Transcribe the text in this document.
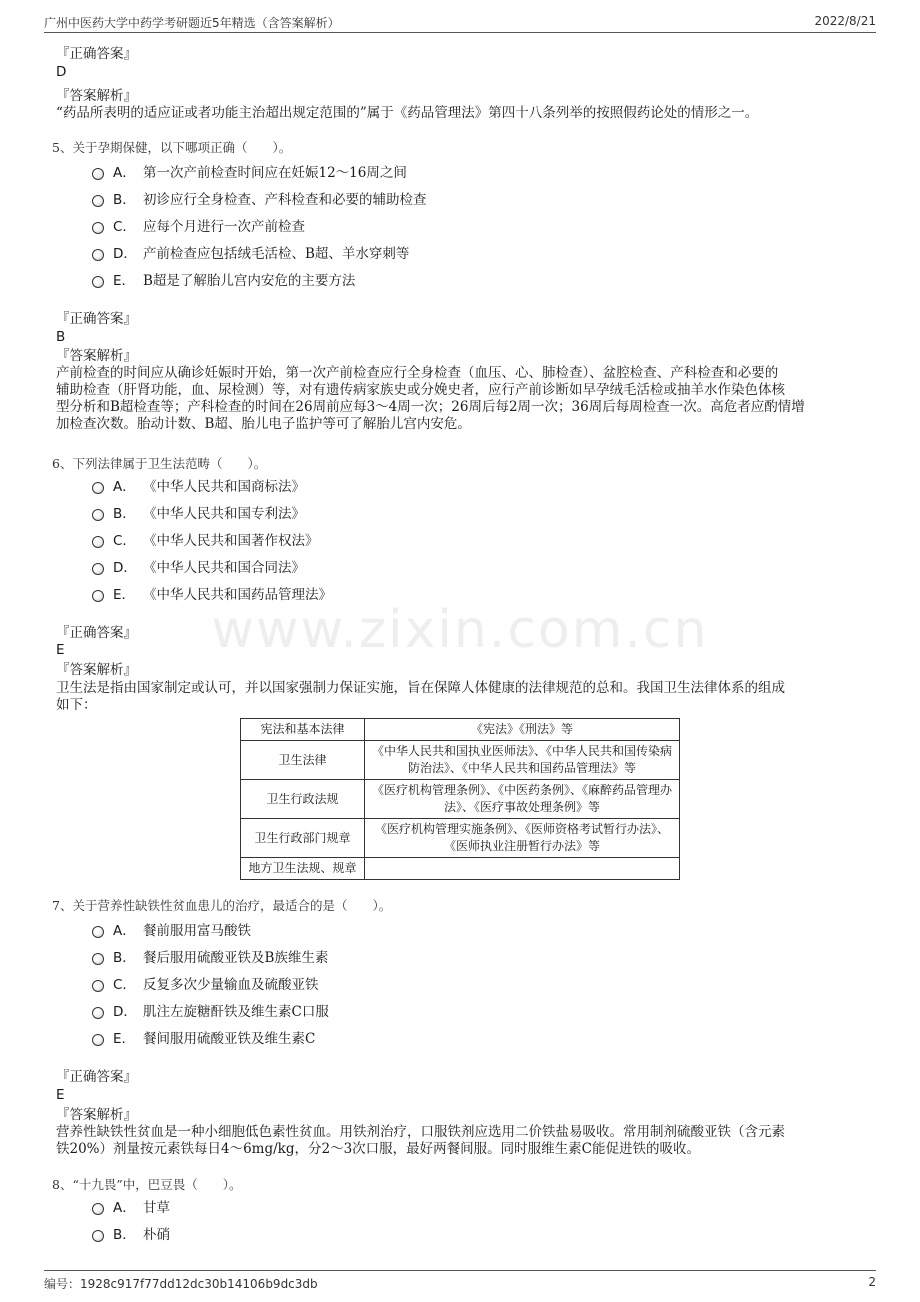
广州中医药大学中药学考研题近5年精选（含答案解析）	2022/8/21
www.zixin.com.cn
『正确答案』
D
『答案解析』
“药品所表明的适应证或者功能主治超出规定范围的”属于《药品管理法》第四十八条列举的按照假药论处的情形之一。
5、关于孕期保健，以下哪项正确（　　）。
A． 第一次产前检查时间应在妊娠12～16周之间
B． 初诊应行全身检查、产科检查和必要的辅助检查
C． 应每个月进行一次产前检查
D． 产前检查应包括绒毛活检、B超、羊水穿刺等
E． B超是了解胎儿宫内安危的主要方法
『正确答案』
B
『答案解析』
产前检查的时间应从确诊妊娠时开始，第一次产前检查应行全身检查（血压、心、肺检查）、盆腔检查、产科检查和必要的
辅助检查（肝肾功能，血、尿检测）等，对有遗传病家族史或分娩史者，应行产前诊断如早孕绒毛活检或抽羊水作染色体核
型分析和B超检查等；产科检查的时间在26周前应每3～4周一次；26周后每2周一次；36周后每周检查一次。高危者应酌情增
加检查次数。胎动计数、B超、胎儿电子监护等可了解胎儿宫内安危。
6、下列法律属于卫生法范畴（　　）。
A． 《中华人民共和国商标法》
B． 《中华人民共和国专利法》
C． 《中华人民共和国著作权法》
D． 《中华人民共和国合同法》
E． 《中华人民共和国药品管理法》
『正确答案』
E
『答案解析』
卫生法是指由国家制定或认可，并以国家强制力保证实施，旨在保障人体健康的法律规范的总和。我国卫生法律体系的组成
如下：
宪法和基本法律	《宪法》《刑法》等
卫生法律	《中华人民共和国执业医师法》、《中华人民共和国传染病防治法》、《中华人民共和国药品管理法》等
卫生行政法规	《医疗机构管理条例》、《中医药条例》、《麻醉药品管理办法》、《医疗事故处理条例》等
卫生行政部门规章	《医疗机构管理实施条例》、《医师资格考试暂行办法》、《医师执业注册暂行办法》等
地方卫生法规、规章	
7、关于营养性缺铁性贫血患儿的治疗，最适合的是（　　）。
A． 餐前服用富马酸铁
B． 餐后服用硫酸亚铁及B族维生素
C． 反复多次少量输血及硫酸亚铁
D． 肌注左旋糖酐铁及维生素C口服
E． 餐间服用硫酸亚铁及维生素C
『正确答案』
E
『答案解析』
营养性缺铁性贫血是一种小细胞低色素性贫血。用铁剂治疗，口服铁剂应选用二价铁盐易吸收。常用制剂硫酸亚铁（含元素
铁20%）剂量按元素铁每日4～6mg/kg，分2～3次口服，最好两餐间服。同时服维生素C能促进铁的吸收。
8、“十九畏”中，巴豆畏（　　）。
A． 甘草
B． 朴硝
编号：1928c917f77dd12dc30b14106b9dc3db	2
